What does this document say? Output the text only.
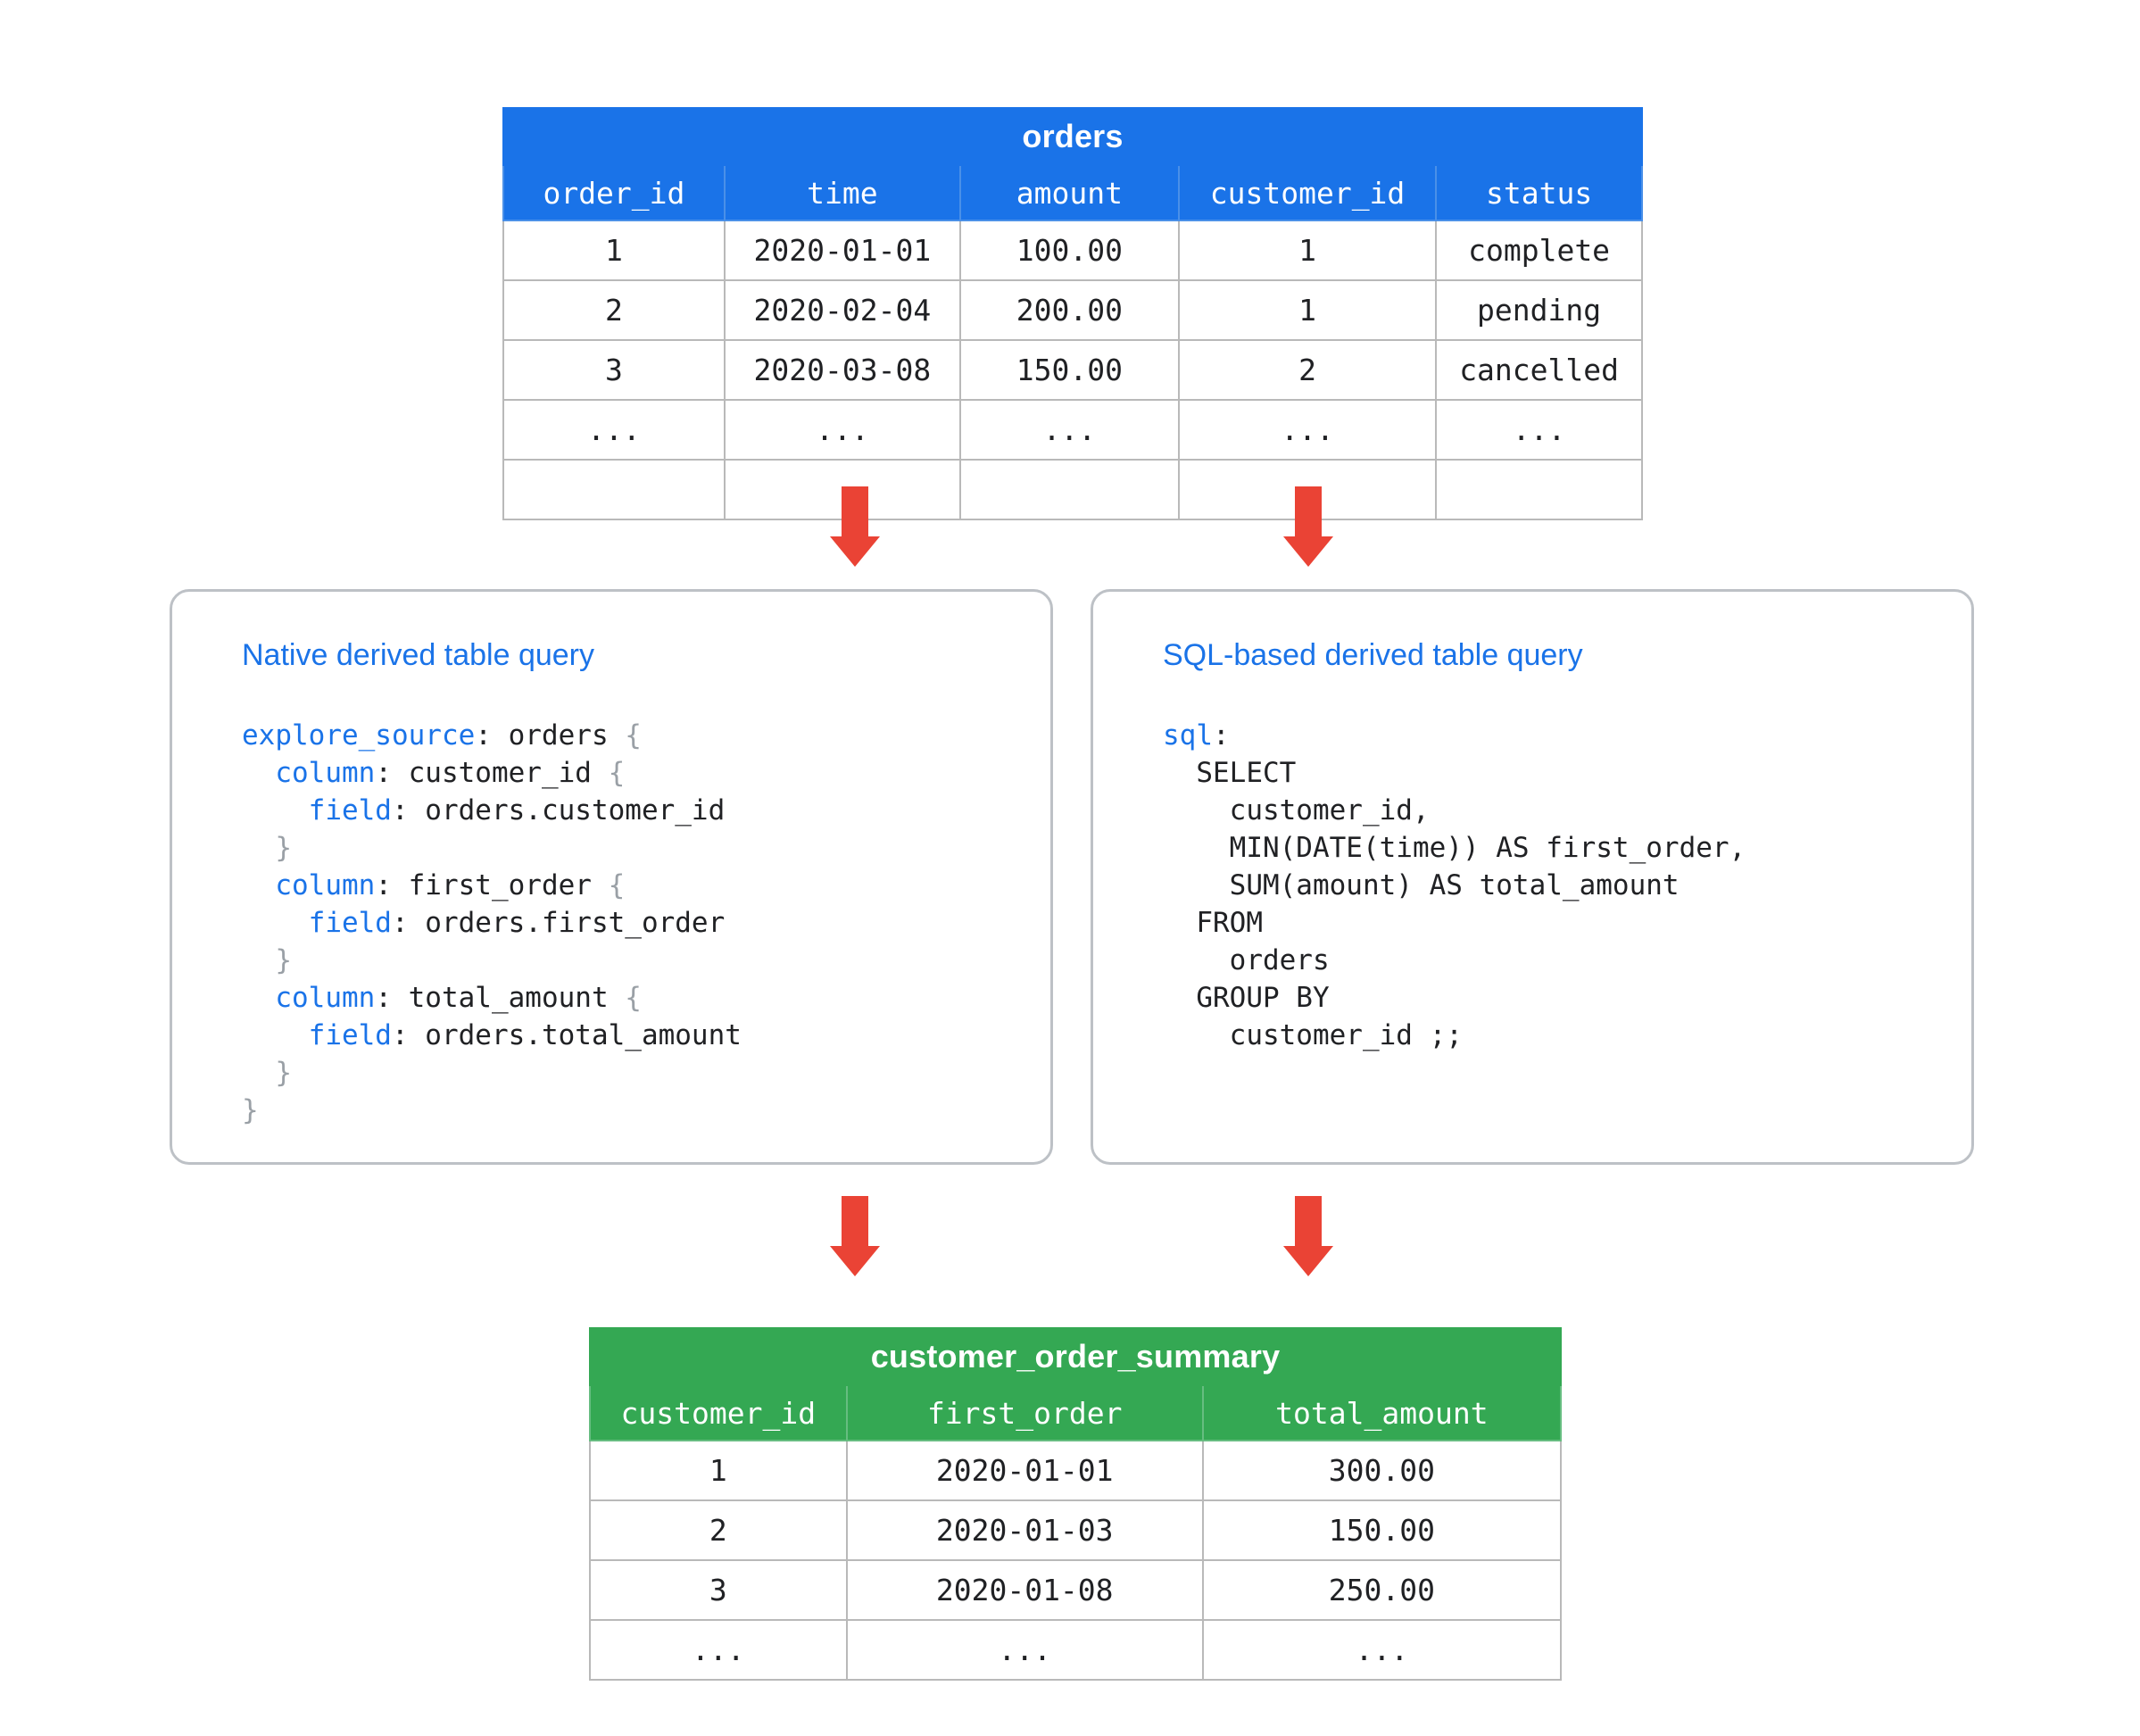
orders				
order_id	time	amount	customer_id	status
1	2020-01-01	100.00	1	complete
2	2020-02-04	200.00	1	pending
3	2020-03-08	150.00	2	cancelled
...	...	...	...	...

Native derived table query
explore_source: orders {
column: customer_id {
field: orders.customer_id
}
column: first_order {
field: orders.first_order
}
column: total_amount {
field: orders.total_amount
}
}
SQL-based derived table query
sql:
SELECT
customer_id,
MIN(DATE(time)) AS first_order,
SUM(amount) AS total_amount
FROM
orders
GROUP BY
customer_id ;;
customer_order_summary		
customer_id	first_order	total_amount
1	2020-01-01	300.00
2	2020-01-03	150.00
3	2020-01-08	250.00
...	...	...
